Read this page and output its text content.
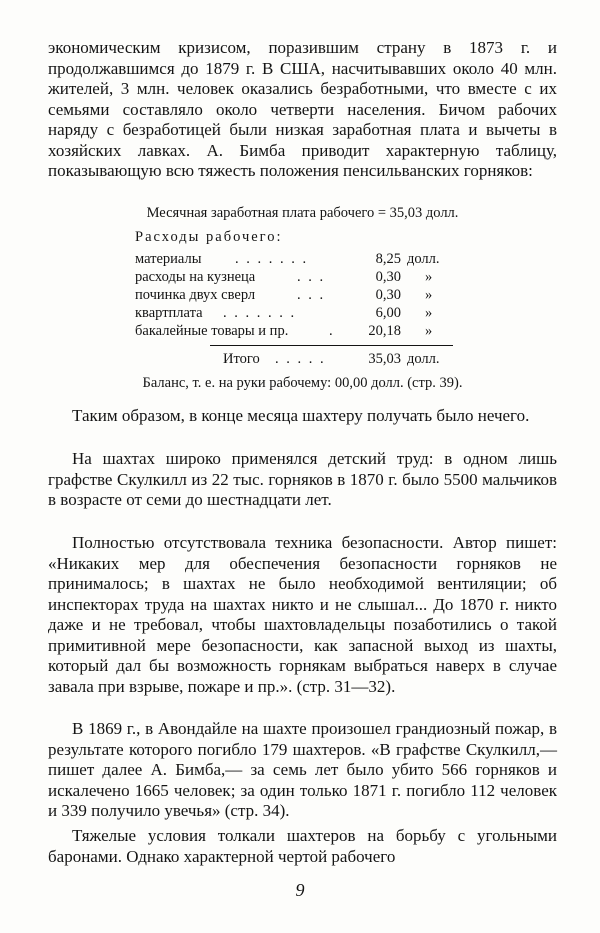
экономическим кризисом, поразившим страну в 1873 г. и продолжавшимся до 1879 г. В США, насчитывавших около 40 млн. жителей, 3 млн. человек оказались безработными, что вместе с их семьями составляло около четверти населения. Бичом рабочих наряду с безработицей были низкая заработная плата и вычеты в хозяйских лавках. А. Бимба приводит характерную таблицу, показывающую всю тяжесть положения пенсильванских горняков:

Месячная заработная плата рабочего = 35,03 долл.
Расходы рабочего:
материалы . . . . . . .	8,25 долл.
расходы на кузнеца	. . .	0,30 »
починка двух сверл	. . .	0,30 »
квартплата . . . . . . .	6,00 »
бакалейные товары и пр.	.	20,18 »
Итого . . . . .	35,03 долл.
Баланс, т. е. на руки рабочему: 00,00 долл. (стр. 39).

Таким образом, в конце месяца шахтеру получать было нечего.

На шахтах широко применялся детский труд: в одном лишь графстве Скулкилл из 22 тыс. горняков в 1870 г. было 5500 мальчиков в возрасте от семи до шестнадцати лет.

Полностью отсутствовала техника безопасности. Автор пишет: «Никаких мер для обеспечения безопасности горняков не принималось; в шахтах не было необходимой вентиляции; об инспекторах труда на шахтах никто и не слышал... До 1870 г. никто даже и не требовал, чтобы шахтовладельцы позаботились о такой примитивной мере безопасности, как запасной выход из шахты, который дал бы возможность горнякам выбраться наверх в случае завала при взрыве, пожаре и пр.». (стр. 31—32).

В 1869 г., в Авондайле на шахте произошел грандиозный пожар, в результате которого погибло 179 шахтеров. «В графстве Скулкилл,— пишет далее А. Бимба,— за семь лет было убито 566 горняков и искалечено 1665 человек; за один только 1871 г. погибло 112 человек и 339 получило увечья» (стр. 34).

Тяжелые условия толкали шахтеров на борьбу с угольными баронами. Однако характерной чертой рабочего

9
